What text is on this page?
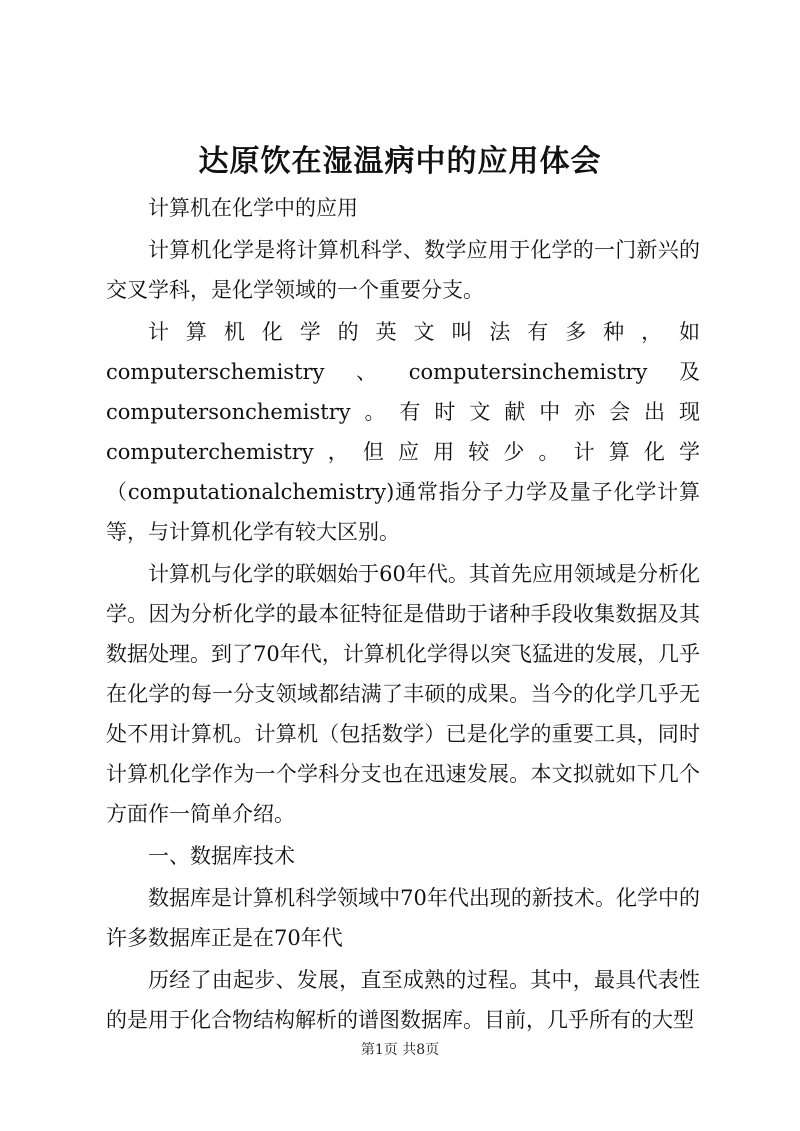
达原饮在湿温病中的应用体会

计算机在化学中的应用

计算机化学是将计算机科学、数学应用于化学的一门新兴的交叉学科，是化学领域的一个重要分支。

计算机化学的英文叫法有多种，如computerschemistry、computersinchemistry及computersonchemistry。有时文献中亦会出现computerchemistry，但应用较少。计算化学（computationalchemistry)通常指分子力学及量子化学计算等，与计算机化学有较大区别。

计算机与化学的联姻始于60年代。其首先应用领域是分析化学。因为分析化学的最本征特征是借助于诸种手段收集数据及其数据处理。到了70年代，计算机化学得以突飞猛进的发展，几乎在化学的每一分支领域都结满了丰硕的成果。当今的化学几乎无处不用计算机。计算机（包括数学）已是化学的重要工具，同时计算机化学作为一个学科分支也在迅速发展。本文拟就如下几个方面作一简单介绍。

一、数据库技术

数据库是计算机科学领域中70年代出现的新技术。化学中的许多数据库正是在70年代

历经了由起步、发展，直至成熟的过程。其中，最具代表性的是用于化合物结构解析的谱图数据库。目前，几乎所有的大型

第1页 共8页
